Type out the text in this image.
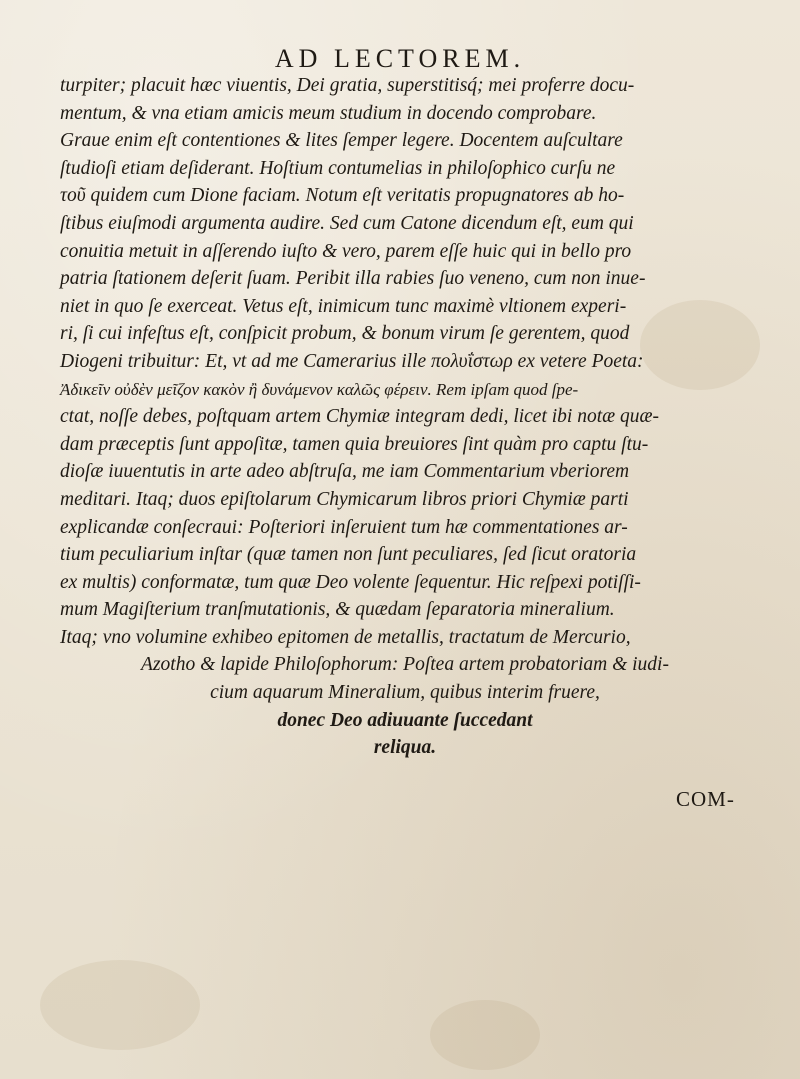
AD LECTOREM.
turpiter; placuit hæc viuentis, Dei gratia, superstitisq́; mei proferre docu-
mentum, & vna etiam amicis meum studium in docendo comprobare.
Graue enim eſt contentiones & lites ſemper legere. Docentem auſcultare
ſtudioſi etiam deſiderant. Hoſtium contumelias in philoſophico curſu ne
τοῦ quidem cum Dione faciam. Notum eſt veritatis propugnatores ab ho-
ſtibus eiuſmodi argumenta audire. Sed cum Catone dicendum eſt, eum qui
conuitia metuit in aſſerendo iuſto & vero, parem eſſe huic qui in bello pro
patria ſtationem deſerit ſuam. Peribit illa rabies ſuo veneno, cum non inue-
niet in quo ſe exerceat. Vetus eſt, inimicum tunc maximè vltionem experi-
ri, ſi cui infeſtus eſt, conſpicit probum, & bonum virum ſe gerentem, quod
Diogeni tribuitur: Et, vt ad me Camerarius ille πολυΐστωρ ex vetere Poeta:
Ἀδικεῖν οὐδὲν μεῖζον κακὸν ἢ δυνάμενον καλῶς φέρειν. Rem ipſam quod ſpe-
ctat, noſſe debes, poſtquam artem Chymiæ integram dedi, licet ibi notæ quæ-
dam præceptis ſunt appoſitæ, tamen quia breuiores ſint quàm pro captu ſtu-
dioſæ iuuentutis in arte adeo abſtruſa, me iam Commentarium vberiorem
meditari. Itaq; duos epiſtolarum Chymicarum libros priori Chymiæ parti
explicandæ conſecraui: Poſteriori inſeruient tum hæ commentationes ar-
tium peculiarium inſtar (quæ tamen non ſunt peculiares, ſed ſicut oratoria
ex multis) conformatæ, tum quæ Deo volente ſequentur. Hic reſpexi potiſſi-
mum Magiſterium tranſmutationis, & quædam ſeparatoria mineralium.
Itaq; vno volumine exhibeo epitomen de metallis, tractatum de Mercurio,
Azotho & lapide Philoſophorum: Poſtea artem probatoriam & iudi-
cium aquarum Mineralium, quibus interim fruere,
donec Deo adiuuante ſuccedant
reliqua.
COM-
